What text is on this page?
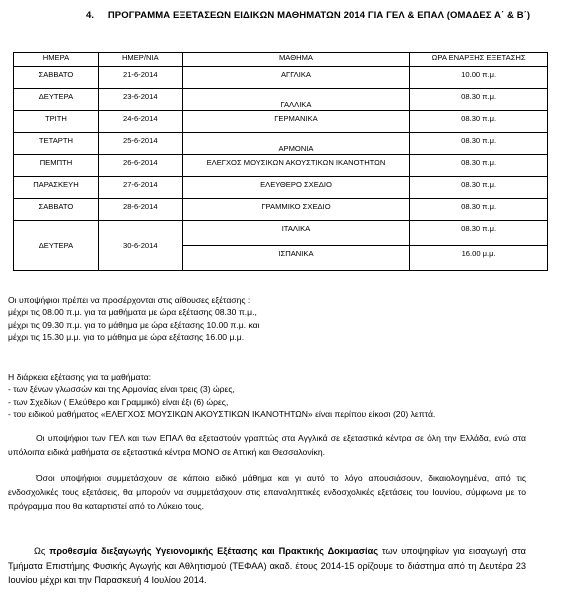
4. ΠΡΟΓΡΑΜΜΑ ΕΞΕΤΑΣΕΩΝ ΕΙΔΙΚΩΝ ΜΑΘΗΜΑΤΩΝ 2014 ΓΙΑ ΓΕΛ & ΕΠΑΛ (ΟΜΑΔΕΣ Α΄ & Β΄)
ΗΜΕΡΑ	ΗΜΕΡ/ΝΙΑ	ΜΑΘΗΜΑ	ΩΡΑ ΕΝΑΡΞΗΣ ΕΞΕΤΑΣΗΣ
ΣΑΒΒΑΤΟ	21-6-2014	ΑΓΓΛΙΚΑ	10.00 π.μ.
ΔΕΥΤΕΡΑ	23-6-2014	ΓΑΛΛΙΚΑ	08.30 π.μ.
ΤΡΙΤΗ	24-6-2014	ΓΕΡΜΑΝΙΚΑ	08.30 π.μ.
ΤΕΤΑΡΤΗ	25-6-2014	ΑΡΜΟΝΙΑ	08.30 π.μ.
ΠΕΜΠΤΗ	26-6-2014	ΕΛΕΓΧΟΣ ΜΟΥΣΙΚΩΝ ΑΚΟΥΣΤΙΚΩΝ ΙΚΑΝΟΤΗΤΩΝ	08.30 π.μ.
ΠΑΡΑΣΚΕΥΗ	27-6-2014	ΕΛΕΥΘΕΡΟ ΣΧΕΔΙΟ	08.30 π.μ.
ΣΑΒΒΑΤΟ	28-6-2014	ΓΡΑΜΜΙΚΟ ΣΧΕΔΙΟ	08.30 π.μ.
ΔΕΥΤΕΡΑ	30-6-2014	ΙΤΑΛΙΚΑ	08.30 π.μ.
		ΙΣΠΑΝΙΚΑ	16.00 μ.μ.
Οι υποψήφιοι πρέπει να προσέρχονται στις αίθουσες εξέτασης :
μέχρι τις 08.00 π.μ. για τα μαθήματα με ώρα εξέτασης 08.30 π.μ.,
μέχρι τις 09.30 π.μ. για το μάθημα με ώρα εξέτασης 10.00 π.μ. και
μέχρι τις 15.30 μ.μ. για το μάθημα με ώρα εξέτασης 16.00 μ.μ.
Η διάρκεια εξέτασης για τα μαθήματα:
- των ξένων γλωσσών και της Αρμονίας είναι τρεις (3) ώρες,
- των Σχεδίων ( Ελεύθερο και Γραμμικό) είναι έξι (6) ώρες,
- του ειδικού μαθήματος «ΕΛΕΓΧΟΣ ΜΟΥΣΙΚΩΝ ΑΚΟΥΣΤΙΚΩΝ ΙΚΑΝΟΤΗΤΩΝ» είναι περίπου είκοσι (20) λεπτά.
Οι υποψήφιοι των ΓΕΛ και των ΕΠΑΛ θα εξεταστούν γραπτώς στα Αγγλικά σε εξεταστικά κέντρα σε όλη την Ελλάδα, ενώ στα υπόλοιπα ειδικά μαθήματα σε εξεταστικά κέντρα ΜΟΝΟ σε Αττική και Θεσσαλονίκη.
Όσοι υποψήφιοι συμμετάσχουν σε κάποιο ειδικό μάθημα και γι αυτό το λόγο απουσιάσουν, δικαιολογημένα, από τις ενδοσχολικές τους εξετάσεις, θα μπορούν να συμμετάσχουν στις επαναληπτικές ενδοσχολικές εξετάσεις του Ιουνίου, σύμφωνα με το πρόγραμμα που θα καταρτιστεί από το Λύκειο τους.
Ως προθεσμία διεξαγωγής Υγειονομικής Εξέτασης και Πρακτικής Δοκιμασίας των υποψηφίων για εισαγωγή στα Τμήματα Επιστήμης Φυσικής Αγωγής και Αθλητισμού (ΤΕΦΑΑ) ακαδ. έτους 2014-15 ορίζουμε το διάστημα από τη Δευτέρα 23 Ιουνίου μέχρι και την Παρασκευή 4 Ιουλίου 2014.
